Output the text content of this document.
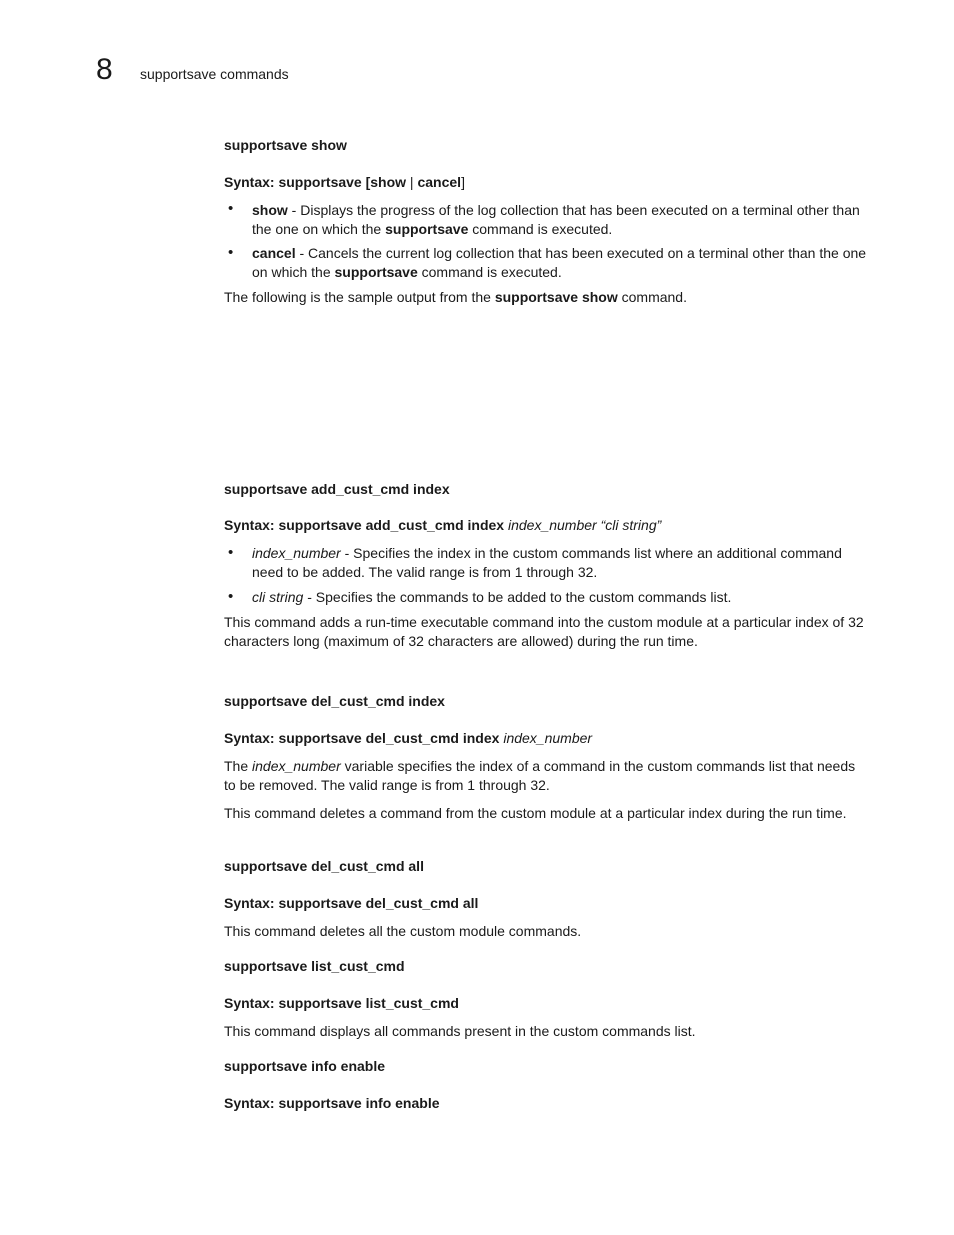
8 supportsave commands
supportsave show
Syntax: supportsave [show | cancel]
• show - Displays the progress of the log collection that has been executed on a terminal other than the one on which the supportsave command is executed.
• cancel - Cancels the current log collection that has been executed on a terminal other than the one on which the supportsave command is executed.
The following is the sample output from the supportsave show command.
supportsave add_cust_cmd index
Syntax: supportsave add_cust_cmd index index_number “cli string”
• index_number - Specifies the index in the custom commands list where an additional command need to be added. The valid range is from 1 through 32.
• cli string - Specifies the commands to be added to the custom commands list.
This command adds a run-time executable command into the custom module at a particular index of 32 characters long (maximum of 32 characters are allowed) during the run time.
supportsave del_cust_cmd index
Syntax: supportsave del_cust_cmd index index_number
The index_number variable specifies the index of a command in the custom commands list that needs to be removed. The valid range is from 1 through 32.
This command deletes a command from the custom module at a particular index during the run time.
supportsave del_cust_cmd all
Syntax: supportsave del_cust_cmd all
This command deletes all the custom module commands.
supportsave list_cust_cmd
Syntax: supportsave list_cust_cmd
This command displays all commands present in the custom commands list.
supportsave info enable
Syntax: supportsave info enable
